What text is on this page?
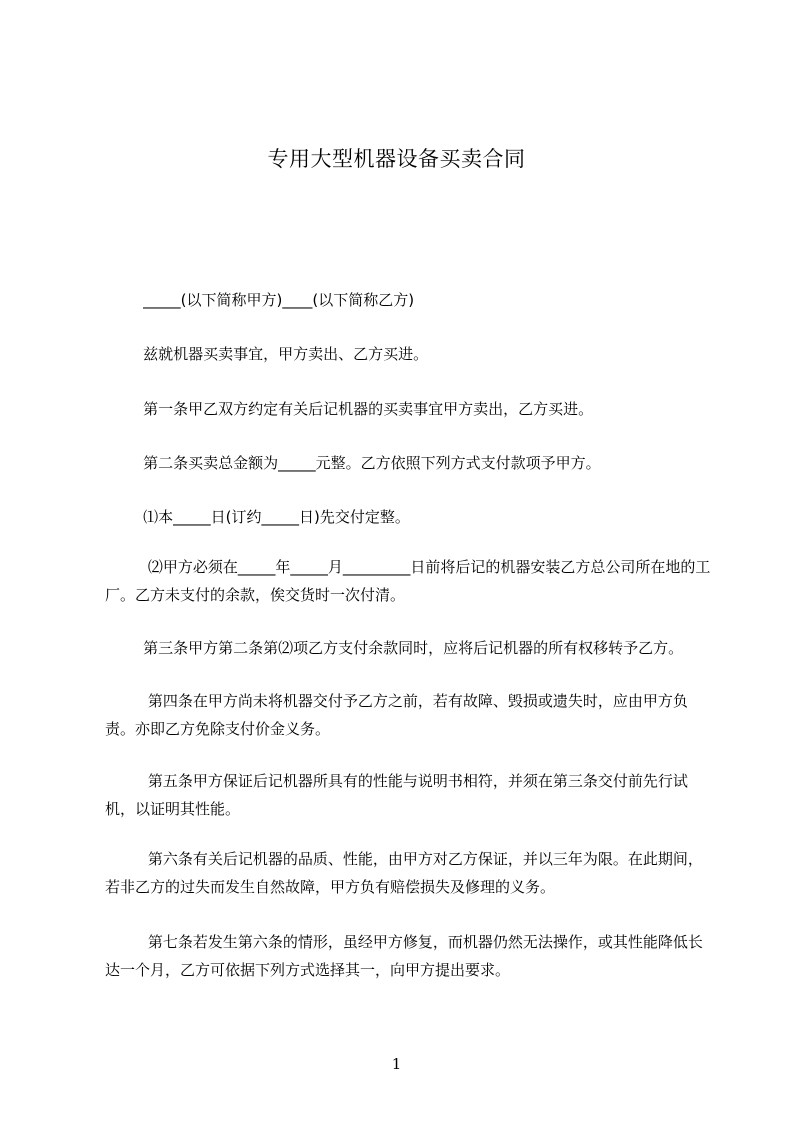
专用大型机器设备买卖合同
_____(以下简称甲方)____(以下简称乙方)
兹就机器买卖事宜，甲方卖出、乙方买进。
第一条甲乙双方约定有关后记机器的买卖事宜甲方卖出，乙方买进。
第二条买卖总金额为_____元整。乙方依照下列方式支付款项予甲方。
⑴本_____日(订约_____日)先交付定整。
⑵甲方必须在_____年_____月_________日前将后记的机器安装乙方总公司所在地的工厂。乙方未支付的余款，俟交货时一次付清。
第三条甲方第二条第⑵项乙方支付余款同时，应将后记机器的所有权移转予乙方。
第四条在甲方尚未将机器交付予乙方之前，若有故障、毁损或遗失时，应由甲方负责。亦即乙方免除支付价金义务。
第五条甲方保证后记机器所具有的性能与说明书相符，并须在第三条交付前先行试机，以证明其性能。
第六条有关后记机器的品质、性能，由甲方对乙方保证，并以三年为限。在此期间，若非乙方的过失而发生自然故障，甲方负有赔偿损失及修理的义务。
第七条若发生第六条的情形，虽经甲方修复，而机器仍然无法操作，或其性能降低长达一个月，乙方可依据下列方式选择其一，向甲方提出要求。
1
